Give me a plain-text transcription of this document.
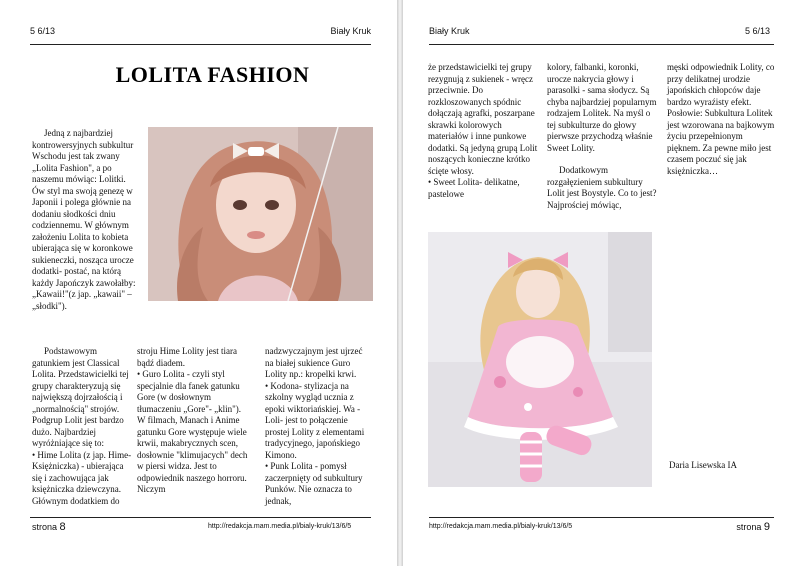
5 6/13	Biały Kruk
LOLITA FASHION

Jedną z najbardziej kontrowersyjnych subkultur Wschodu jest tak zwany „Lolita Fashion", a po naszemu mówiąc: Lolitki. Ów styl ma swoją genezę w Japonii i polega głównie na dodaniu słodkości dniu codziennemu. W głównym założeniu Lolita to kobieta ubierająca się w koronkowe sukieneczki, nosząca urocze dodatki- postać, na którą każdy Japończyk zawołałby: „Kawaii!"(z jap. „kawaii" – „słodki").

Podstawowym gatunkiem jest Classical Lolita. Przedstawicielki tej grupy charakteryzują się największą dojrzałością i „normalnością" strojów. Podgrup Lolit jest bardzo dużo. Najbardziej wyróżniające się to:

• Hime Lolita (z jap. Hime- Księżniczka) - ubierająca się i zachowująca jak księżniczka dziewczyna. Głównym dodatkiem do

stroju Hime Lolity jest tiara bądź diadem.

• Guro Lolita - czyli styl specjalnie dla fanek gatunku Gore (w dosłownym tłumaczeniu „Gore"- „klin"). W filmach, Manach i Anime gatunku Gore występuje wiele krwii, makabrycznych scen, dosłownie "klimujacych" dech w piersi widza. Jest to odpowiednik naszego horroru. Niczym

nadzwyczajnym jest ujrzeć na białej sukience Guro Lolity np.: kropelki krwi.

• Kodona- stylizacja na szkolny wygląd ucznia z epoki wiktoriańskiej. Wa -Loli- jest to połączenie prostej Lolity z elementami tradycyjnego, japońskiego Kimono.

• Punk Lolita - pomysł zaczerpnięty od subkultury Punków. Nie oznacza to jednak,

strona 8	http://redakcja.mam.media.pl/bialy-kruk/13/6/5
Biały Kruk	5 6/13

że przedstawicielki tej grupy rezygnują z sukienek - wręcz przeciwnie. Do rozkloszowanych spódnic dołączają agrafki, poszarpane skrawki kolorowych materiałów i inne punkowe dodatki. Są jedyną grupą Lolit noszących konieczne krótko ścięte włosy.

• Sweet Lolita- delikatne, pastelowe

kolory, falbanki, koronki, urocze nakrycia głowy i parasolki - sama słodycz. Są chyba najbardziej popularnym rodzajem Lolitek. Na myśl o tej subkulturze do głowy pierwsze przychodzą właśnie Sweet Lolity.

Dodatkowym rozgałęzieniem subkultury Lolit jest Boystyle. Co to jest? Najprościej mówiąc,

męski odpowiednik Lolity, co przy delikatnej urodzie japońskich chłopców daje bardzo wyraźisty efekt. Posłowie: Subkultura Lolitek jest wzorowana na bajkowym życiu przepełnionym pięknem. Za pewne miło jest czasem poczuć się jak księżniczka…

Daria Lisewska IA
http://redakcja.mam.media.pl/bialy-kruk/13/6/5	strona 9
